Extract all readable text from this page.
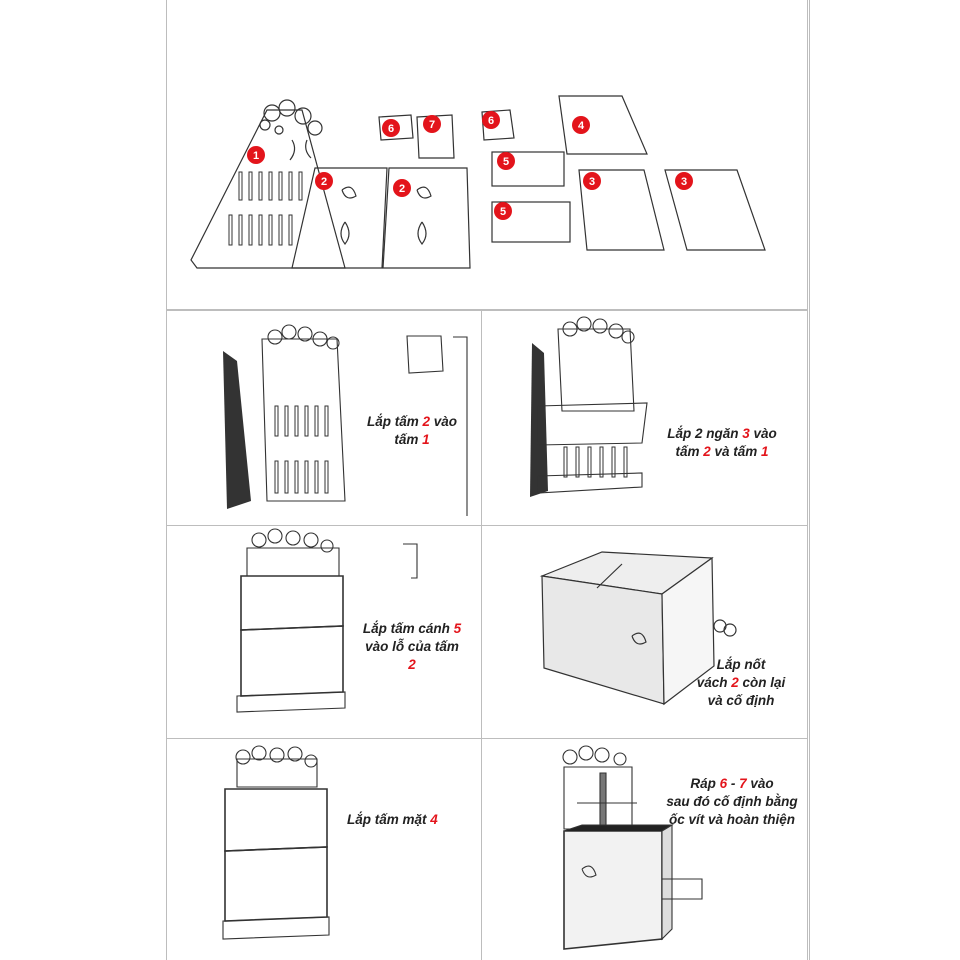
1
2
2
6	7	6
5
5
4
3	3
Lắp tấm 2 vào
tấm 1	Lắp 2 ngăn 3 vào
tấm 2 và tấm 1
Lắp tấm cánh 5
vào lỗ của tấm
2	Lắp nốt
vách 2 còn lại
và cố định
Lắp tấm mặt 4
Ráp 6 - 7 vào
sau đó cố định bằng
ốc vít và hoàn thiện
